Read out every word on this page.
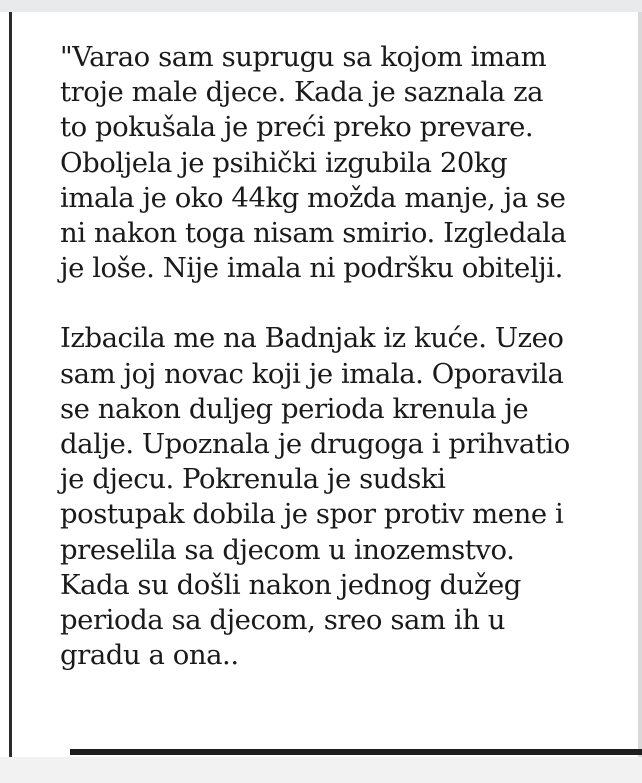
"Varao sam suprugu sa kojom imam
troje male djece. Kada je saznala za
to pokušala je preći preko prevare.
Oboljela je psihički izgubila 20kg
imala je oko 44kg možda manje, ja se
ni nakon toga nisam smirio. Izgledala
je loše. Nije imala ni podršku obitelji.
Izbacila me na Badnjak iz kuće. Uzeo
sam joj novac koji je imala. Oporavila
se nakon duljeg perioda krenula je
dalje. Upoznala je drugoga i prihvatio
je djecu. Pokrenula je sudski
postupak dobila je spor protiv mene i
preselila sa djecom u inozemstvo.
Kada su došli nakon jednog dužeg
perioda sa djecom, sreo sam ih u
gradu a ona..
